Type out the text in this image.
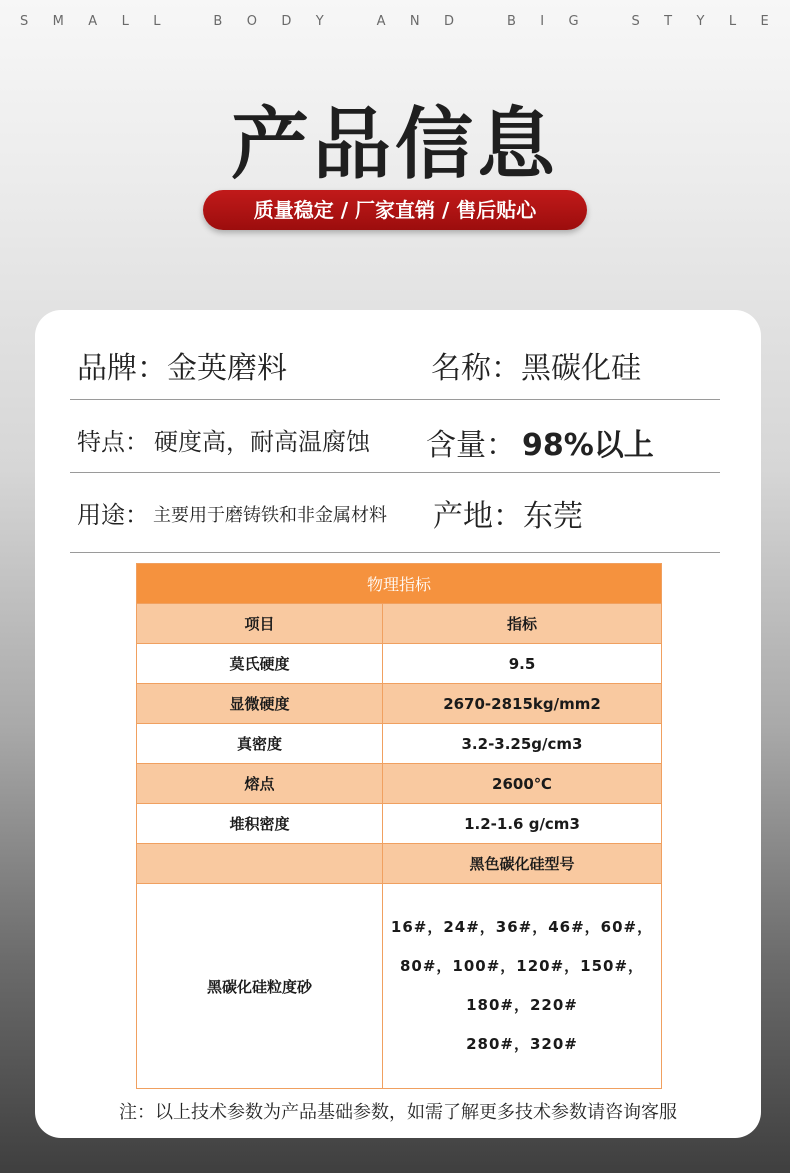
S M A L L
	B O D Y
	A N D
	B I G
	S T Y L E
产品信息
质量稳定 / 厂家直销 / 售后贴心
品牌：金英磨料	名称：黑碳化硅
特点： 硬度高，耐高温腐蚀 含量： 98%以上
用途： 主要用于磨铸铁和非金属材料 产地：东莞
物理指标	
项目	指标
莫氏硬度	9.5
显微硬度	2670-2815kg/mm2
真密度	3.2-3.25g/cm3
熔点	2600℃
堆积密度	1.2-1.6 g/cm3
	黑色碳化硅型号
黑碳化硅粒度砂	16#，24#，36#，46#，60#，
80#，100#，120#，150#，
180#，220#
280#，320#
注：以上技术参数为产品基础参数，如需了解更多技术参数请咨询客服
